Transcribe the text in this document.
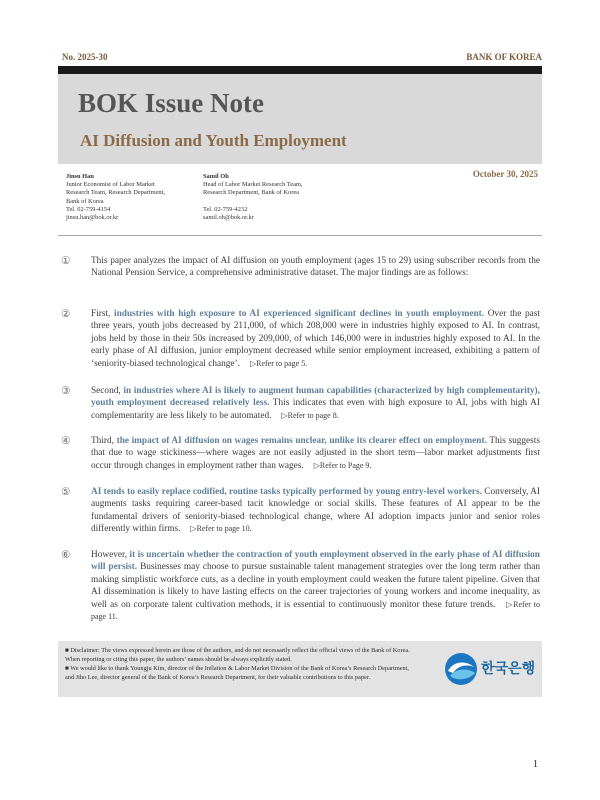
No. 2025-30	BANK OF KOREA
BOK Issue Note
AI Diffusion and Youth Employment
Jinsu Han
Junior Economist of Labor Market
Research Team, Research Department,
Bank of Korea
Tel. 02-759-4154
jinsu.han@bok.or.kr
Samil Oh
Head of Labor Market Research Team,
Research Department, Bank of Korea
Tel. 02-759-4232
samil.oh@bok.or.kr
October 30, 2025
① This paper analyzes the impact of AI diffusion on youth employment (ages 15 to 29) using subscriber records from the National Pension Service, a comprehensive administrative dataset. The major findings are as follows:
② First, industries with high exposure to AI experienced significant declines in youth employment. Over the past three years, youth jobs decreased by 211,000, of which 208,000 were in industries highly exposed to AI. In contrast, jobs held by those in their 50s increased by 209,000, of which 146,000 were in industries highly exposed to AI. In the early phase of AI diffusion, junior employment decreased while senior employment increased, exhibiting a pattern of ‘seniority-biased technological change’. ▷Refer to page 5.
③ Second, in industries where AI is likely to augment human capabilities (characterized by high complementarity), youth employment decreased relatively less. This indicates that even with high exposure to AI, jobs with high AI complementarity are less likely to be automated. ▷Refer to page 8.
④ Third, the impact of AI diffusion on wages remains unclear, unlike its clearer effect on employment. This suggests that due to wage stickiness—where wages are not easily adjusted in the short term—labor market adjustments first occur through changes in employment rather than wages. ▷Refer to Page 9.
⑤ AI tends to easily replace codified, routine tasks typically performed by young entry-level workers. Conversely, AI augments tasks requiring career-based tacit knowledge or social skills. These features of AI appear to be the fundamental drivers of seniority-biased technological change, where AI adoption impacts junior and senior roles differently within firms. ▷Refer to page 10.
⑥ However, it is uncertain whether the contraction of youth employment observed in the early phase of AI diffusion will persist. Businesses may choose to pursue sustainable talent management strategies over the long term rather than making simplistic workforce cuts, as a decline in youth employment could weaken the future talent pipeline. Given that AI dissemination is likely to have lasting effects on the career trajectories of young workers and income inequality, as well as on corporate talent cultivation methods, it is essential to continuously monitor these future trends. ▷Refer to page 11.
■ Disclaimer: The views expressed herein are those of the authors, and do not necessarily reflect the official views of the Bank of Korea. When reporting or citing this paper, the authors’ names should be always explicitly stated.
■ We would like to thank Youngju Kim, director of the Inflation & Labor Market Division of the Bank of Korea’s Research Department, and Jiho Lee, director general of the Bank of Korea’s Research Department, for their valuable contributions to this paper.
한국은행
1
